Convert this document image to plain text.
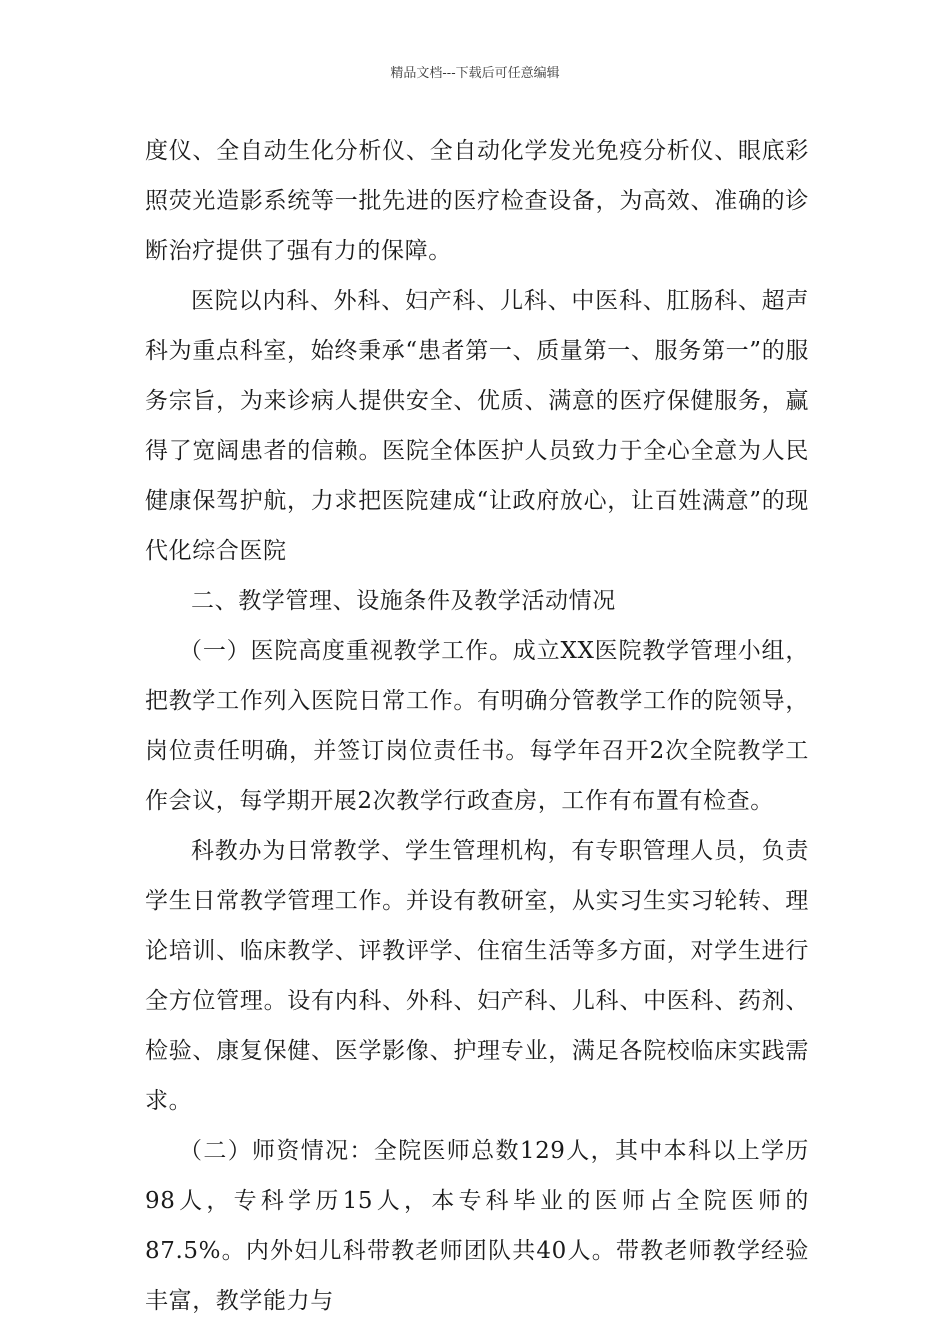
精品文档---下载后可任意编辑

度仪、全自动生化分析仪、全自动化学发光免疫分析仪、眼底彩照荧光造影系统等一批先进的医疗检查设备，为高效、准确的诊断治疗提供了强有力的保障。

医院以内科、外科、妇产科、儿科、中医科、肛肠科、超声科为重点科室，始终秉承“患者第一、质量第一、服务第一”的服务宗旨，为来诊病人提供安全、优质、满意的医疗保健服务，赢得了宽阔患者的信赖。医院全体医护人员致力于全心全意为人民健康保驾护航，力求把医院建成“让政府放心，让百姓满意”的现代化综合医院

二、教学管理、设施条件及教学活动情况

（一）医院高度重视教学工作。成立XX医院教学管理小组，把教学工作列入医院日常工作。有明确分管教学工作的院领导，岗位责任明确，并签订岗位责任书。每学年召开2次全院教学工作会议，每学期开展2次教学行政查房，工作有布置有检查。

科教办为日常教学、学生管理机构，有专职管理人员，负责学生日常教学管理工作。并设有教研室，从实习生实习轮转、理论培训、临床教学、评教评学、住宿生活等多方面，对学生进行全方位管理。设有内科、外科、妇产科、儿科、中医科、药剂、检验、康复保健、医学影像、护理专业，满足各院校临床实践需求。

（二）师资情况：全院医师总数129人，其中本科以上学历98人，专科学历15人，本专科毕业的医师占全院医师的87.5%。内外妇儿科带教老师团队共40人。带教老师教学经验丰富，教学能力与
